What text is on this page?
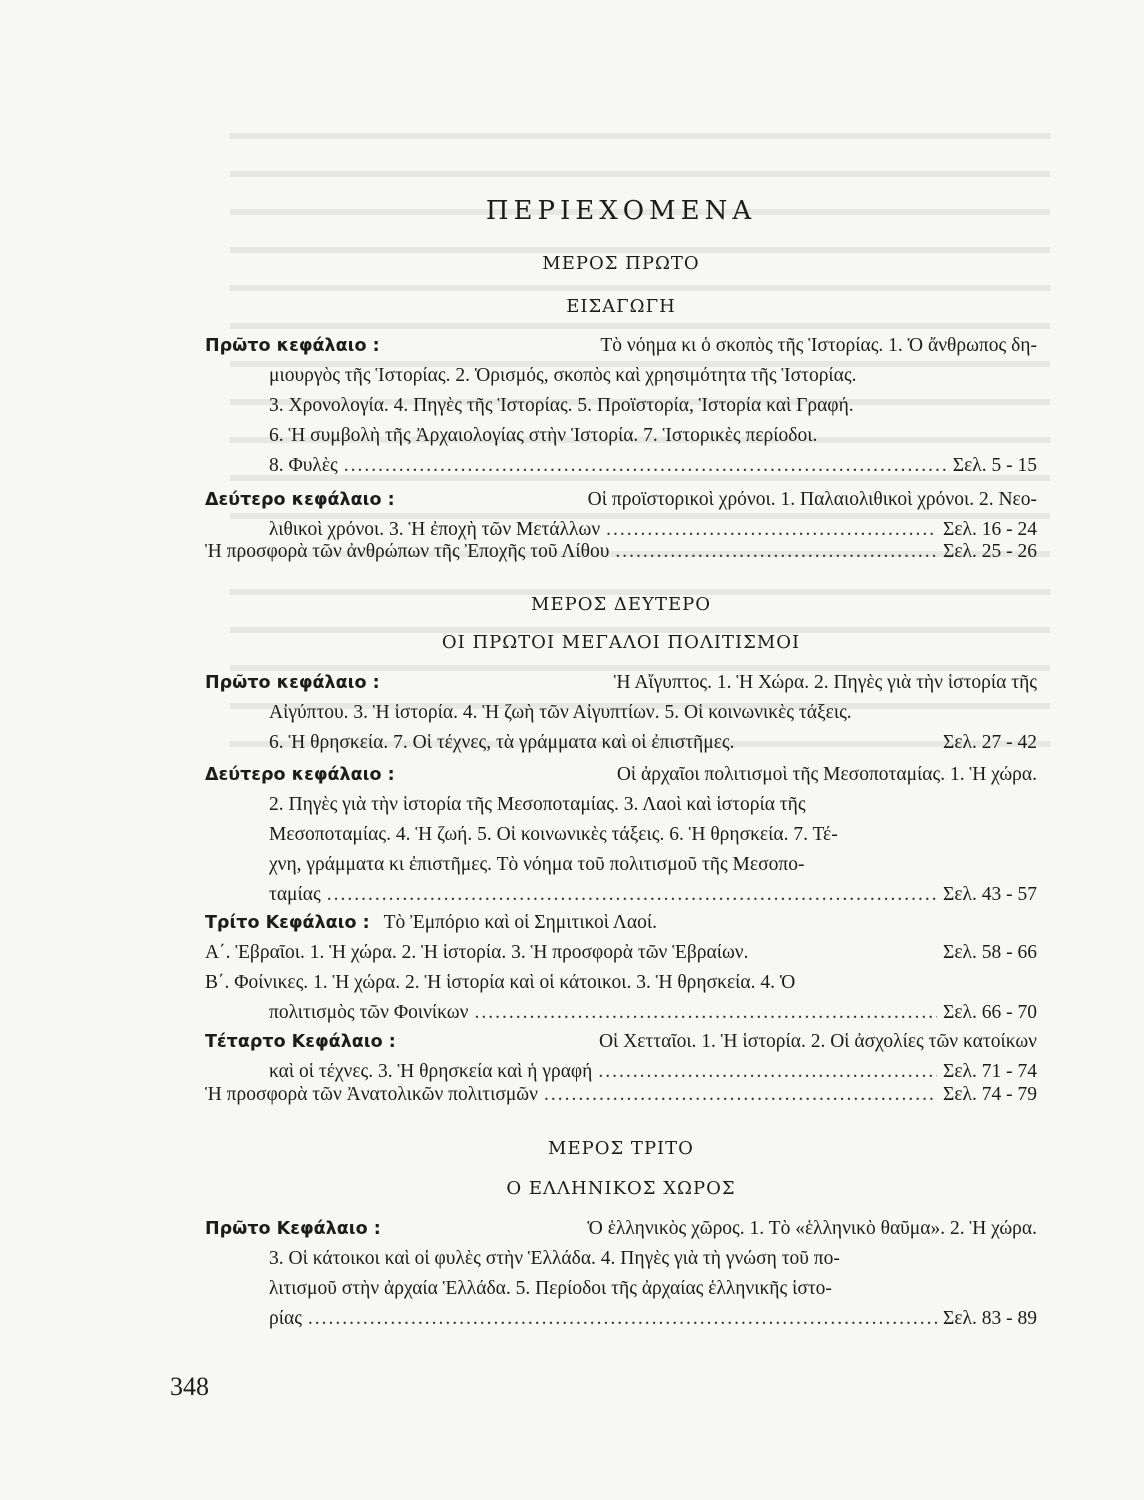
ΠΕΡΙΕΧΟΜΕΝΑ
ΜΕΡΟΣ ΠΡΩΤΟ
ΕΙΣΑΓΩΓΗ
Πρῶτο κεφάλαιο :	Τὸ νόημα κι ὁ σκοπὸς τῆς Ἱστορίας. 1. Ὁ ἄνθρωπος δη-
μιουργὸς τῆς Ἱστορίας. 2. Ὁρισμός, σκοπὸς καὶ χρησιμότητα τῆς Ἱστορίας.
3. Χρονολογία. 4. Πηγὲς τῆς Ἱστορίας. 5. Προϊστορία, Ἱστορία καὶ Γραφή.
6. Ἡ συμβολὴ τῆς Ἀρχαιολογίας στὴν Ἱστορία. 7. Ἱστορικὲς περίοδοι.
8. Φυλὲς .....	Σελ. 5 - 15
Δεύτερο κεφάλαιο :	Οἱ προϊστορικοὶ χρόνοι. 1. Παλαιολιθικοὶ χρόνοι. 2. Νεο-
λιθικοὶ χρόνοι. 3. Ἡ ἐποχὴ τῶν Μετάλλων .....	Σελ. 16 - 24
Ἡ προσφορὰ τῶν ἀνθρώπων τῆς Ἐποχῆς τοῦ Λίθου .....	Σελ. 25 - 26
ΜΕΡΟΣ ΔΕΥΤΕΡΟ
ΟΙ ΠΡΩΤΟΙ ΜΕΓΑΛΟΙ ΠΟΛΙΤΙΣΜΟΙ
Πρῶτο κεφάλαιο :	Ἡ Αἴγυπτος. 1. Ἡ Χώρα. 2. Πηγὲς γιὰ τὴν ἱστορία τῆς
Αἰγύπτου. 3. Ἡ ἱστορία. 4. Ἡ ζωὴ τῶν Αἰγυπτίων. 5. Οἱ κοινωνικὲς τάξεις.
6. Ἡ θρησκεία. 7. Οἱ τέχνες, τὰ γράμματα καὶ οἱ ἐπιστῆμες.	Σελ. 27 - 42
Δεύτερο κεφάλαιο :	Οἱ ἀρχαῖοι πολιτισμοὶ τῆς Μεσοποταμίας. 1. Ἡ χώρα.
2. Πηγὲς γιὰ τὴν ἱστορία τῆς Μεσοποταμίας. 3. Λαοὶ καὶ ἱστορία τῆς
Μεσοποταμίας. 4. Ἡ ζωή. 5. Οἱ κοινωνικὲς τάξεις. 6. Ἡ θρησκεία. 7. Τέ-
χνη, γράμματα κι ἐπιστῆμες. Τὸ νόημα τοῦ πολιτισμοῦ τῆς Μεσοπο-
ταμίας .....	Σελ. 43 - 57
Τρίτο Κεφάλαιο : Τὸ Ἐμπόριο καὶ οἱ Σημιτικοὶ Λαοί.
Α΄. Ἑβραῖοι. 1. Ἡ χώρα. 2. Ἡ ἱστορία. 3. Ἡ προσφορὰ τῶν Ἑβραίων.	Σελ. 58 - 66
Β΄. Φοίνικες. 1. Ἡ χώρα. 2. Ἡ ἱστορία καὶ οἱ κάτοικοι. 3. Ἡ θρησκεία. 4. Ὁ
πολιτισμὸς τῶν Φοινίκων .....	Σελ. 66 - 70
Τέταρτο Κεφάλαιο :	Οἱ Χετταῖοι. 1. Ἡ ἱστορία. 2. Οἱ ἀσχολίες τῶν κατοίκων
καὶ οἱ τέχνες. 3. Ἡ θρησκεία καὶ ἡ γραφή .....	Σελ. 71 - 74
Ἡ προσφορὰ τῶν Ἀνατολικῶν πολιτισμῶν .....	Σελ. 74 - 79
ΜΕΡΟΣ ΤΡΙΤΟ
Ο ΕΛΛΗΝΙΚΟΣ ΧΩΡΟΣ
Πρῶτο Κεφάλαιο :	Ὁ ἑλληνικὸς χῶρος. 1. Τὸ «ἑλληνικὸ θαῦμα». 2. Ἡ χώρα.
3. Οἱ κάτοικοι καὶ οἱ φυλὲς στὴν Ἑλλάδα. 4. Πηγὲς γιὰ τὴ γνώση τοῦ πο-
λιτισμοῦ στὴν ἀρχαία Ἑλλάδα. 5. Περίοδοι τῆς ἀρχαίας ἑλληνικῆς ἱστο-
ρίας .....	Σελ. 83 - 89
348
